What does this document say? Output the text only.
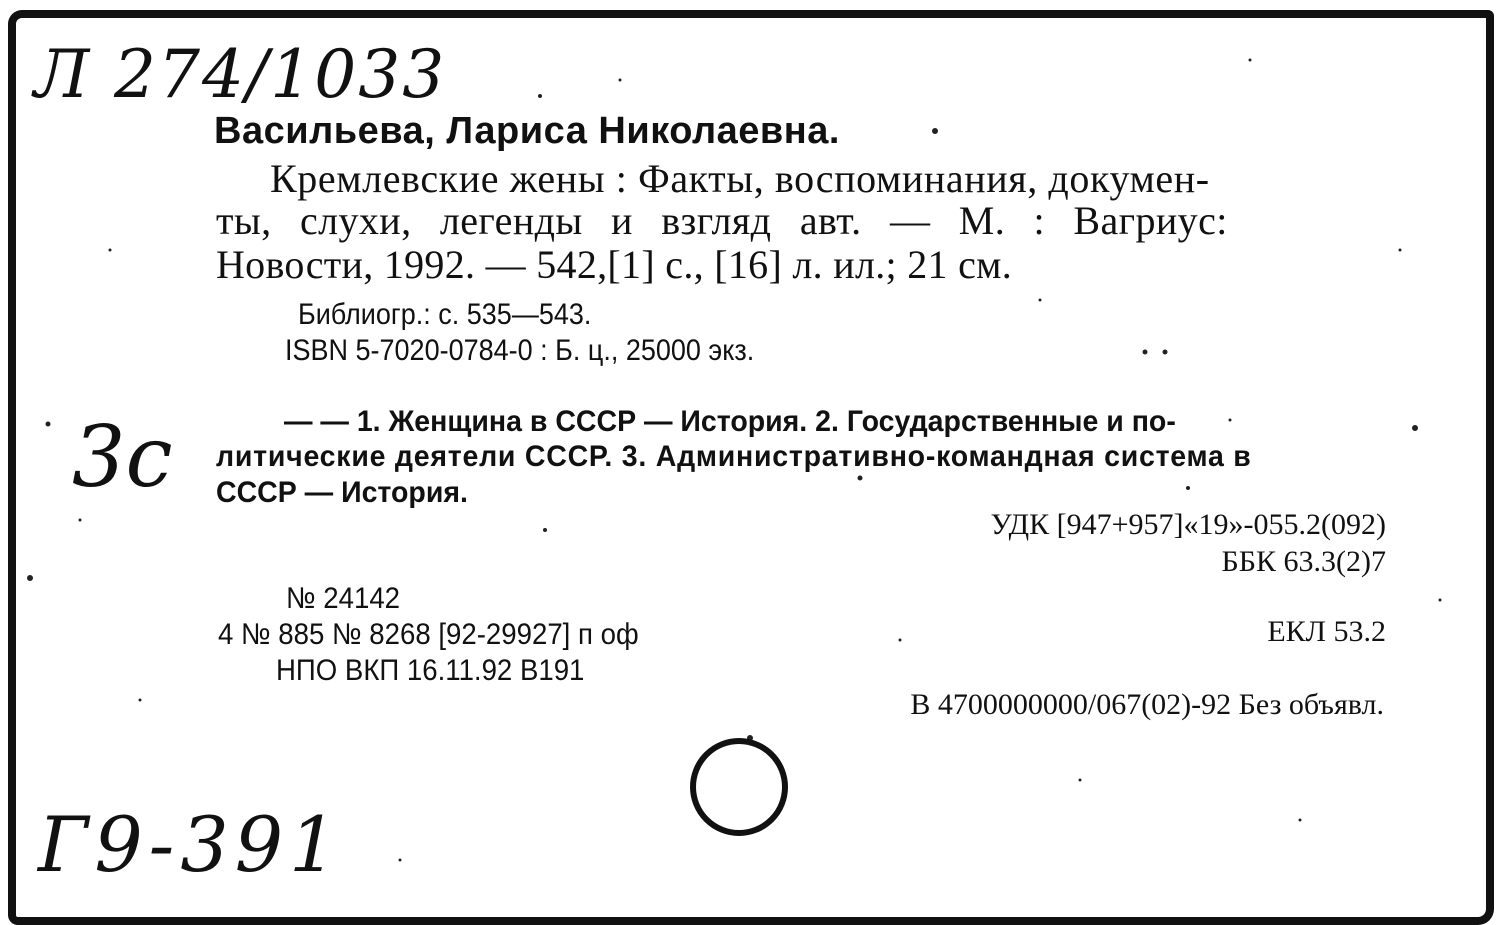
Л 274/1033
3с
Г9-391
Васильева, Лариса Николаевна.
Кремлевские жены : Факты, воспоминания, докумен-
ты, слухи, легенды и взгляд авт. — М. : Вагриус:
Новости, 1992. — 542,[1] с., [16] л. ил.; 21 см.
Библиогр.: с. 535—543.
ISBN 5-7020-0784-0 : Б. ц., 25000 экз.
— — 1. Женщина в СССР — История. 2. Государственные и по-
литические деятели СССР. 3. Административно-командная система в
СССР — История.
УДК [947+957]«19»-055.2(092)
ББК 63.3(2)7
№ 24142
4 № 885 № 8268 [92-29927] п оф
НПО ВКП 16.11.92 В191
ЕКЛ 53.2
В 4700000000/067(02)-92 Без объявл.
